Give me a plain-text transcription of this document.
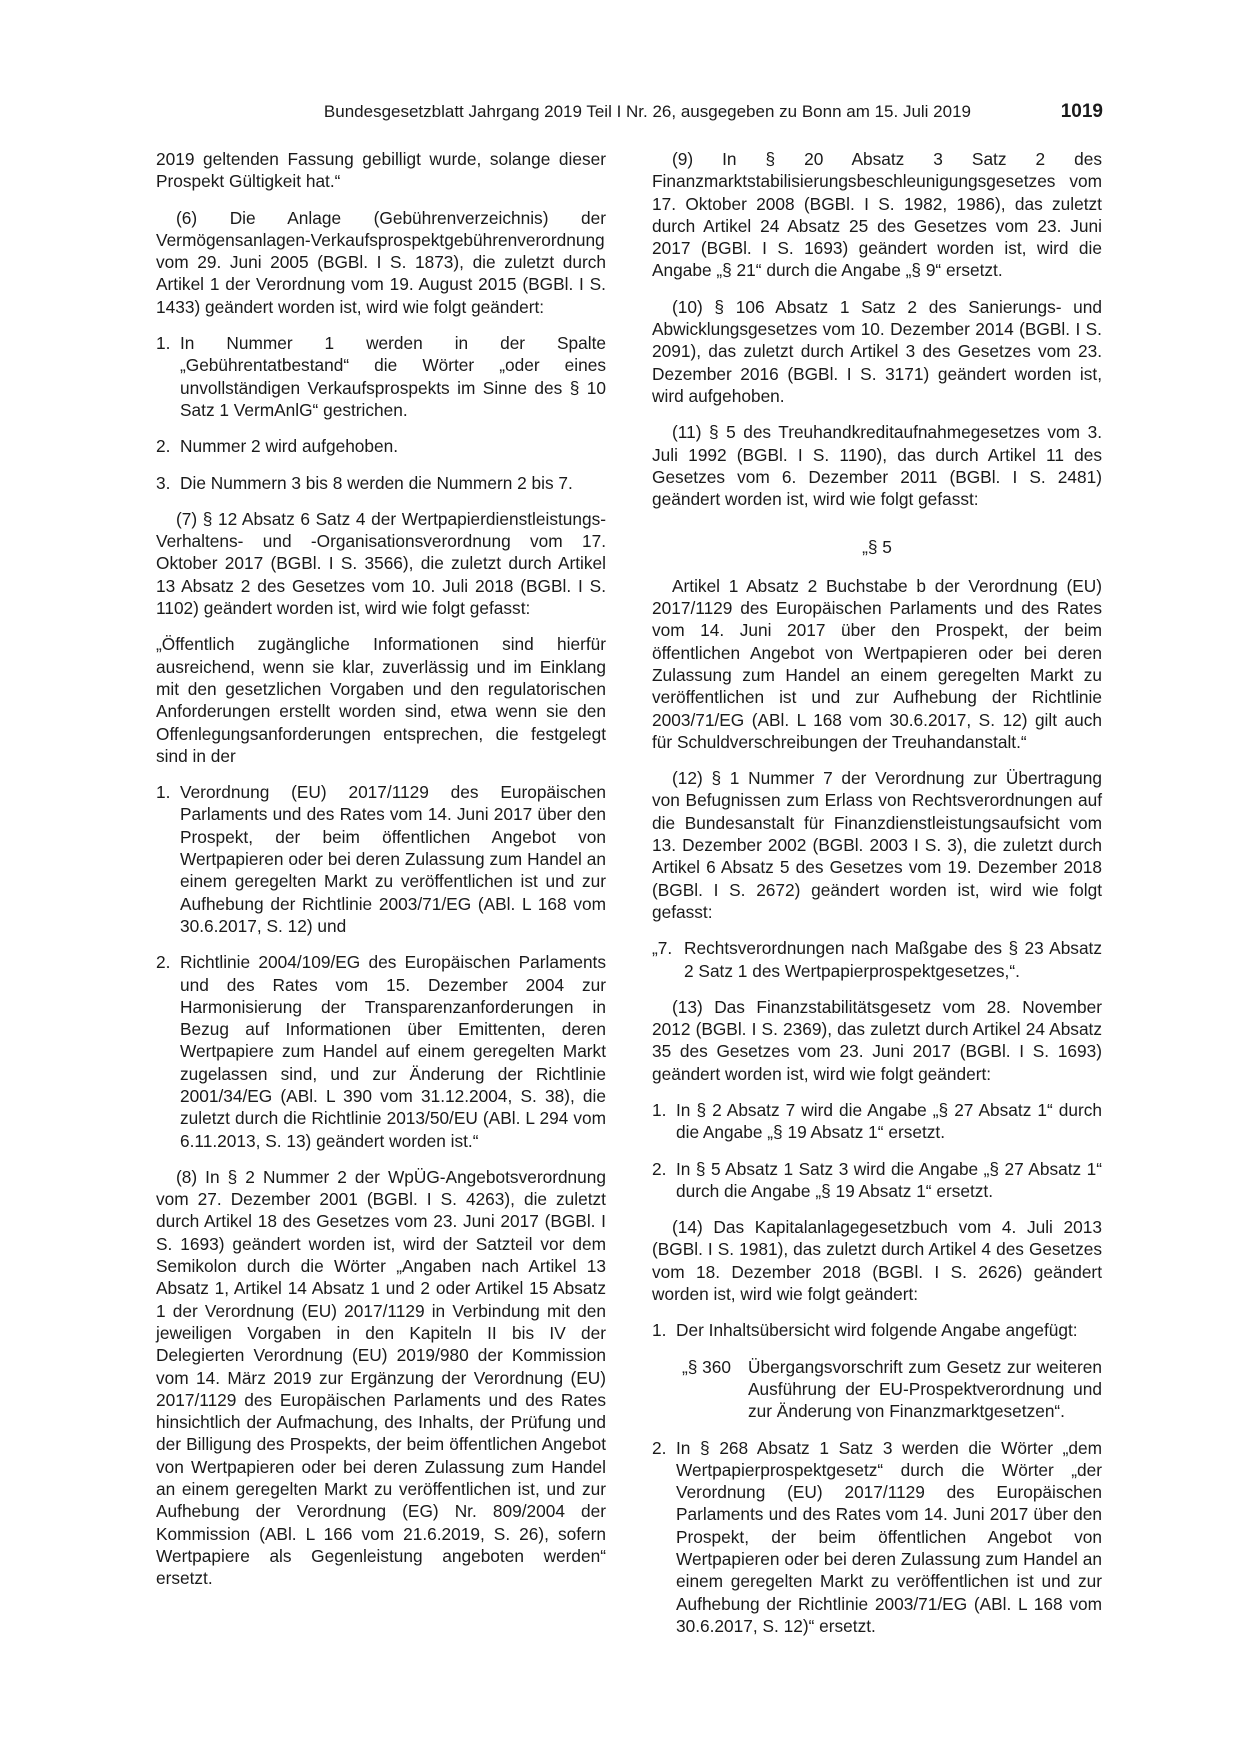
Bundesgesetzblatt Jahrgang 2019 Teil I Nr. 26, ausgegeben zu Bonn am 15. Juli 2019	1019

2019 geltenden Fassung gebilligt wurde, solange dieser Prospekt Gültigkeit hat.“

(6) Die Anlage (Gebührenverzeichnis) der Vermögensanlagen-Verkaufsprospektgebührenverordnung vom 29. Juni 2005 (BGBl. I S. 1873), die zuletzt durch Artikel 1 der Verordnung vom 19. August 2015 (BGBl. I S. 1433) geändert worden ist, wird wie folgt geändert:

1. In Nummer 1 werden in der Spalte „Gebührentatbestand“ die Wörter „oder eines unvollständigen Verkaufsprospekts im Sinne des § 10 Satz 1 VermAnlG“ gestrichen.
2. Nummer 2 wird aufgehoben.
3. Die Nummern 3 bis 8 werden die Nummern 2 bis 7.

(7) § 12 Absatz 6 Satz 4 der Wertpapierdienstleistungs-Verhaltens- und -Organisationsverordnung vom 17. Oktober 2017 (BGBl. I S. 3566), die zuletzt durch Artikel 13 Absatz 2 des Gesetzes vom 10. Juli 2018 (BGBl. I S. 1102) geändert worden ist, wird wie folgt gefasst:

„Öffentlich zugängliche Informationen sind hierfür ausreichend, wenn sie klar, zuverlässig und im Einklang mit den gesetzlichen Vorgaben und den regulatorischen Anforderungen erstellt worden sind, etwa wenn sie den Offenlegungsanforderungen entsprechen, die festgelegt sind in der

1. Verordnung (EU) 2017/1129 des Europäischen Parlaments und des Rates vom 14. Juni 2017 über den Prospekt, der beim öffentlichen Angebot von Wertpapieren oder bei deren Zulassung zum Handel an einem geregelten Markt zu veröffentlichen ist und zur Aufhebung der Richtlinie 2003/71/EG (ABl. L 168 vom 30.6.2017, S. 12) und
2. Richtlinie 2004/109/EG des Europäischen Parlaments und des Rates vom 15. Dezember 2004 zur Harmonisierung der Transparenzanforderungen in Bezug auf Informationen über Emittenten, deren Wertpapiere zum Handel auf einem geregelten Markt zugelassen sind, und zur Änderung der Richtlinie 2001/34/EG (ABl. L 390 vom 31.12.2004, S. 38), die zuletzt durch die Richtlinie 2013/50/EU (ABl. L 294 vom 6.11.2013, S. 13) geändert worden ist.“

(8) In § 2 Nummer 2 der WpÜG-Angebotsverordnung vom 27. Dezember 2001 (BGBl. I S. 4263), die zuletzt durch Artikel 18 des Gesetzes vom 23. Juni 2017 (BGBl. I S. 1693) geändert worden ist, wird der Satzteil vor dem Semikolon durch die Wörter „Angaben nach Artikel 13 Absatz 1, Artikel 14 Absatz 1 und 2 oder Artikel 15 Absatz 1 der Verordnung (EU) 2017/1129 in Verbindung mit den jeweiligen Vorgaben in den Kapiteln II bis IV der Delegierten Verordnung (EU) 2019/980 der Kommission vom 14. März 2019 zur Ergänzung der Verordnung (EU) 2017/1129 des Europäischen Parlaments und des Rates hinsichtlich der Aufmachung, des Inhalts, der Prüfung und der Billigung des Prospekts, der beim öffentlichen Angebot von Wertpapieren oder bei deren Zulassung zum Handel an einem geregelten Markt zu veröffentlichen ist, und zur Aufhebung der Verordnung (EG) Nr. 809/2004 der Kommission (ABl. L 166 vom 21.6.2019, S. 26), sofern Wertpapiere als Gegenleistung angeboten werden“ ersetzt.

(9) In § 20 Absatz 3 Satz 2 des Finanzmarktstabilisierungsbeschleunigungsgesetzes vom 17. Oktober 2008 (BGBl. I S. 1982, 1986), das zuletzt durch Artikel 24 Absatz 25 des Gesetzes vom 23. Juni 2017 (BGBl. I S. 1693) geändert worden ist, wird die Angabe „§ 21“ durch die Angabe „§ 9“ ersetzt.

(10) § 106 Absatz 1 Satz 2 des Sanierungs- und Abwicklungsgesetzes vom 10. Dezember 2014 (BGBl. I S. 2091), das zuletzt durch Artikel 3 des Gesetzes vom 23. Dezember 2016 (BGBl. I S. 3171) geändert worden ist, wird aufgehoben.

(11) § 5 des Treuhandkreditaufnahmegesetzes vom 3. Juli 1992 (BGBl. I S. 1190), das durch Artikel 11 des Gesetzes vom 6. Dezember 2011 (BGBl. I S. 2481) geändert worden ist, wird wie folgt gefasst:

„§ 5

Artikel 1 Absatz 2 Buchstabe b der Verordnung (EU) 2017/1129 des Europäischen Parlaments und des Rates vom 14. Juni 2017 über den Prospekt, der beim öffentlichen Angebot von Wertpapieren oder bei deren Zulassung zum Handel an einem geregelten Markt zu veröffentlichen ist und zur Aufhebung der Richtlinie 2003/71/EG (ABl. L 168 vom 30.6.2017, S. 12) gilt auch für Schuldverschreibungen der Treuhandanstalt.“

(12) § 1 Nummer 7 der Verordnung zur Übertragung von Befugnissen zum Erlass von Rechtsverordnungen auf die Bundesanstalt für Finanzdienstleistungsaufsicht vom 13. Dezember 2002 (BGBl. 2003 I S. 3), die zuletzt durch Artikel 6 Absatz 5 des Gesetzes vom 19. Dezember 2018 (BGBl. I S. 2672) geändert worden ist, wird wie folgt gefasst:

„7. Rechtsverordnungen nach Maßgabe des § 23 Absatz 2 Satz 1 des Wertpapierprospektgesetzes,“.

(13) Das Finanzstabilitätsgesetz vom 28. November 2012 (BGBl. I S. 2369), das zuletzt durch Artikel 24 Absatz 35 des Gesetzes vom 23. Juni 2017 (BGBl. I S. 1693) geändert worden ist, wird wie folgt geändert:

1. In § 2 Absatz 7 wird die Angabe „§ 27 Absatz 1“ durch die Angabe „§ 19 Absatz 1“ ersetzt.
2. In § 5 Absatz 1 Satz 3 wird die Angabe „§ 27 Absatz 1“ durch die Angabe „§ 19 Absatz 1“ ersetzt.

(14) Das Kapitalanlagegesetzbuch vom 4. Juli 2013 (BGBl. I S. 1981), das zuletzt durch Artikel 4 des Gesetzes vom 18. Dezember 2018 (BGBl. I S. 2626) geändert worden ist, wird wie folgt geändert:

1. Der Inhaltsübersicht wird folgende Angabe angefügt:
„§ 360 Übergangsvorschrift zum Gesetz zur weiteren Ausführung der EU-Prospektverordnung und zur Änderung von Finanzmarktgesetzen“.
2. In § 268 Absatz 1 Satz 3 werden die Wörter „dem Wertpapierprospektgesetz“ durch die Wörter „der Verordnung (EU) 2017/1129 des Europäischen Parlaments und des Rates vom 14. Juni 2017 über den Prospekt, der beim öffentlichen Angebot von Wertpapieren oder bei deren Zulassung zum Handel an einem geregelten Markt zu veröffentlichen ist und zur Aufhebung der Richtlinie 2003/71/EG (ABl. L 168 vom 30.6.2017, S. 12)“ ersetzt.
